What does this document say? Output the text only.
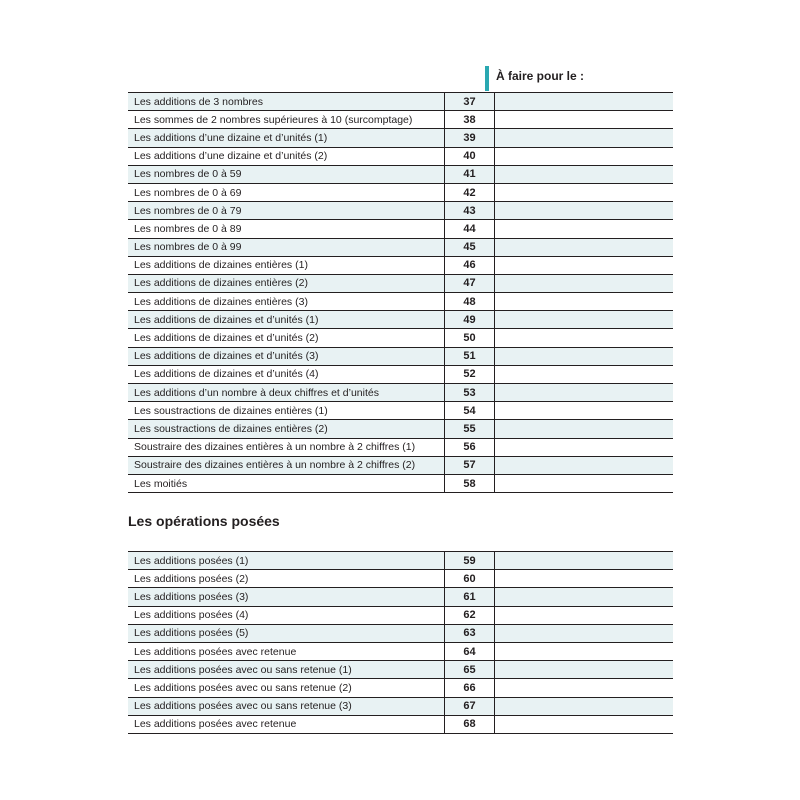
À faire pour le :
Les additions de 3 nombres	37	
Les sommes de 2 nombres supérieures à 10 (surcomptage)	38	
Les additions d’une dizaine et d’unités (1)	39	
Les additions d’une dizaine et d’unités (2)	40	
Les nombres de 0 à 59	41	
Les nombres de 0 à 69	42	
Les nombres de 0 à 79	43	
Les nombres de 0 à 89	44	
Les nombres de 0 à 99	45	
Les additions de dizaines entières (1)	46	
Les additions de dizaines entières (2)	47	
Les additions de dizaines entières (3)	48	
Les additions de dizaines et d’unités (1)	49	
Les additions de dizaines et d’unités (2)	50	
Les additions de dizaines et d’unités (3)	51	
Les additions de dizaines et d’unités (4)	52	
Les additions d’un nombre à deux chiffres et d’unités	53	
Les soustractions de dizaines entières (1)	54	
Les soustractions de dizaines entières (2)	55	
Soustraire des dizaines entières à un nombre à 2 chiffres (1)	56	
Soustraire des dizaines entières à un nombre à 2 chiffres (2)	57	
Les moitiés	58	
Les opérations posées
Les additions posées (1)	59	
Les additions posées (2)	60	
Les additions posées (3)	61	
Les additions posées (4)	62	
Les additions posées (5)	63	
Les additions posées avec retenue	64	
Les additions posées avec ou sans retenue (1)	65	
Les additions posées avec ou sans retenue (2)	66	
Les additions posées avec ou sans retenue (3)	67	
Les additions posées avec retenue	68	
